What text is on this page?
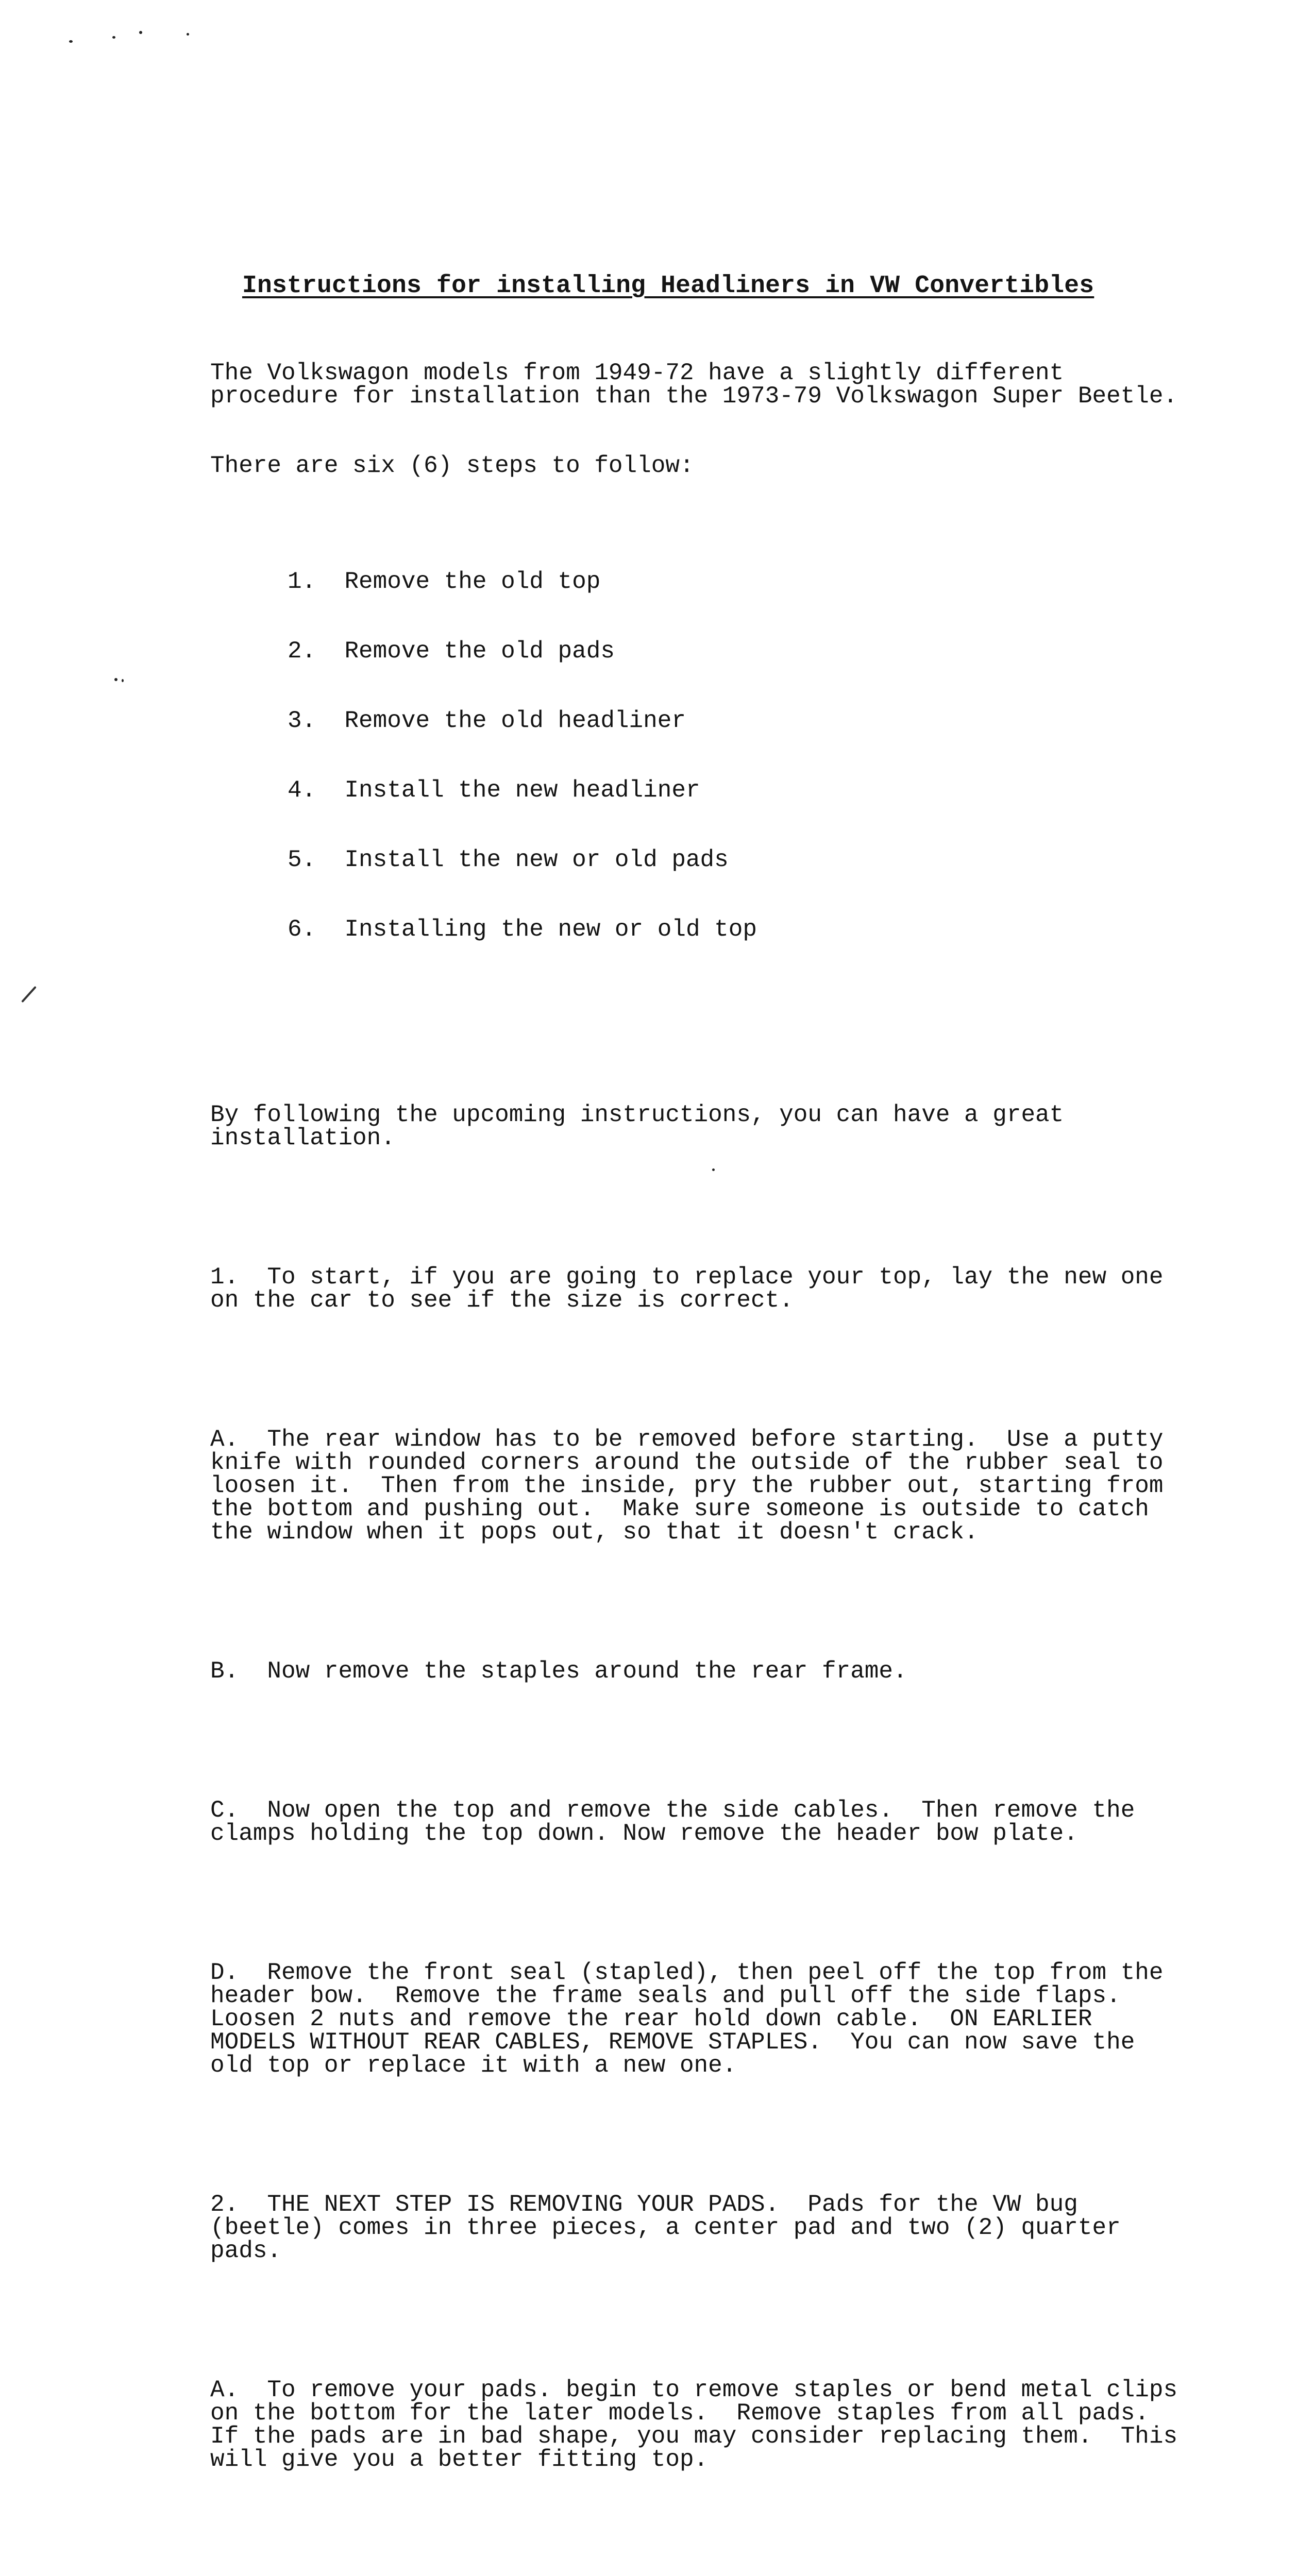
Instructions for installing Headliners in VW Convertibles

The Volkswagon models from 1949-72 have a slightly different procedure for installation than the 1973-79 Volkswagon Super Beetle.

There are six (6) steps to follow:

1. Remove the old top

2. Remove the old pads

3. Remove the old headliner

4. Install the new headliner

5. Install the new or old pads

6. Installing the new or old top

By following the upcoming instructions, you can have a great installation.

1.  To start, if you are going to replace your top, lay the new one on the car to see if the size is correct.

A.  The rear window has to be removed before starting.  Use a putty knife with rounded corners around the outside of the rubber seal to loosen it.  Then from the inside, pry the rubber out, starting from the bottom and pushing out.  Make sure someone is outside to catch the window when it pops out, so that it doesn't crack.

B.  Now remove the staples around the rear frame.

C.  Now open the top and remove the side cables.  Then remove the clamps holding the top down. Now remove the header bow plate.

D.  Remove the front seal (stapled), then peel off the top from the header bow.  Remove the frame seals and pull off the side flaps.  Loosen 2 nuts and remove the rear hold down cable.  ON EARLIER MODELS WITHOUT REAR CABLES, REMOVE STAPLES.  You can now save the old top or replace it with a new one.

2.  THE NEXT STEP IS REMOVING YOUR PADS.  Pads for the VW bug (beetle) comes in three pieces, a center pad and two (2) quarter pads.

A.  To remove your pads. begin to remove staples or bend metal clips on the bottom for the later models.  Remove staples from all pads.  If the pads are in bad shape, you may consider replacing them.  This will give you a better fitting top.
